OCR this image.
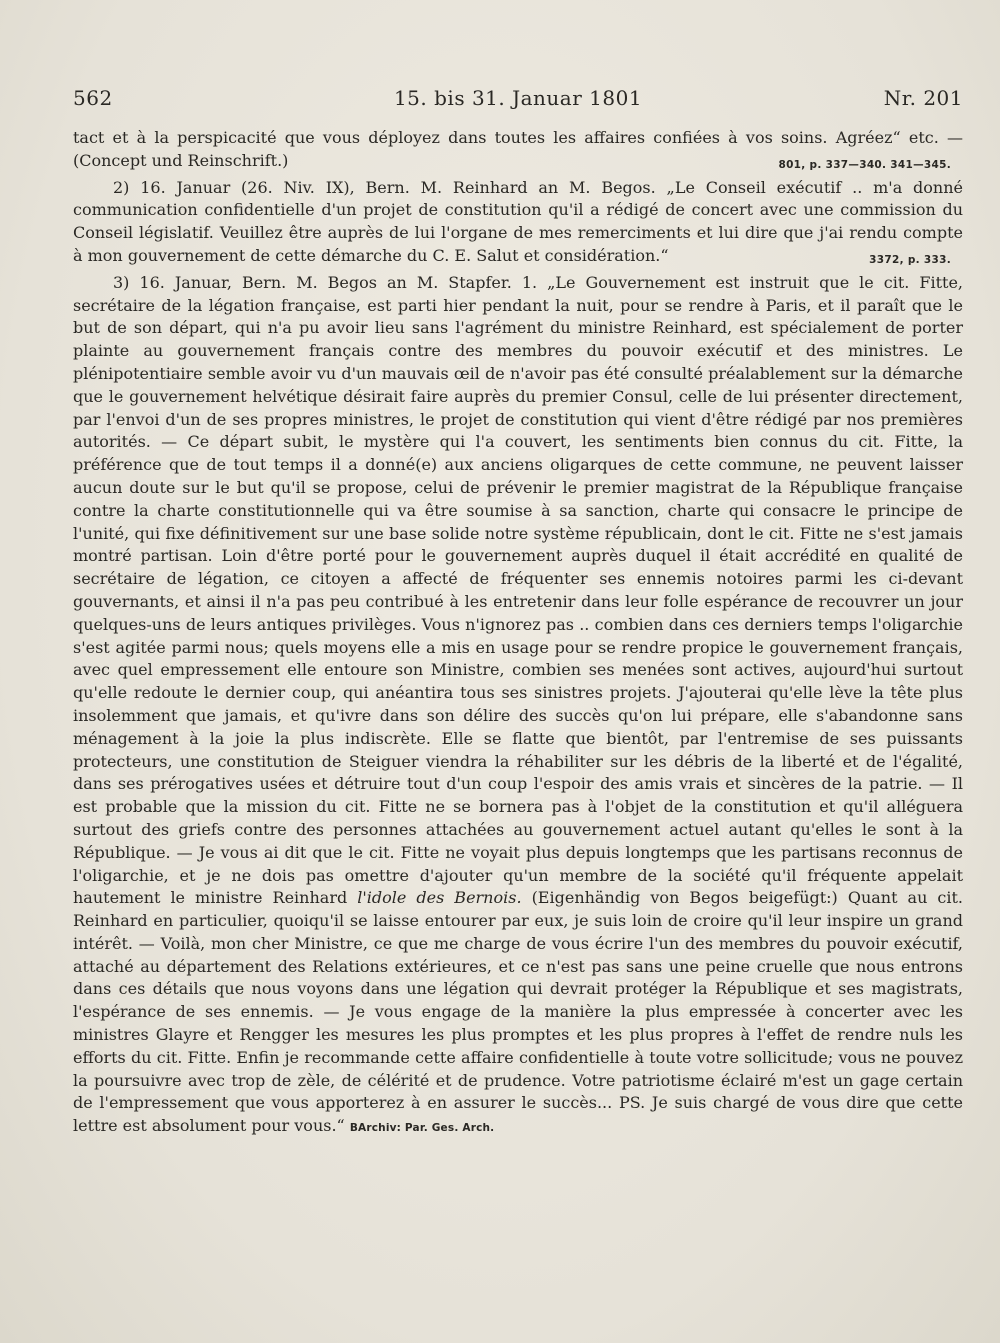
562	15. bis 31. Januar 1801	Nr. 201

tact et à la perspicacité que vous déployez dans toutes les affaires confiées à vos soins. Agréez“ etc. — (Concept und Reinschrift.)	801, p. 337—340. 341—345.

2) 16. Januar (26. Niv. IX), Bern. M. Reinhard an M. Begos. „Le Conseil exécutif .. m'a donné communication confidentielle d'un projet de constitution qu'il a rédigé de concert avec une commission du Conseil législatif. Veuillez être auprès de lui l'organe de mes remerciments et lui dire que j'ai rendu compte à mon gouvernement de cette démarche du C. E. Salut et considération.“	3372, p. 333.

3) 16. Januar, Bern. M. Begos an M. Stapfer. 1. „Le Gouvernement est instruit que le cit. Fitte, secrétaire de la légation française, est parti hier pendant la nuit, pour se rendre à Paris, et il paraît que le but de son départ, qui n'a pu avoir lieu sans l'agrément du ministre Reinhard, est spécialement de porter plainte au gouvernement français contre des membres du pouvoir exécutif et des ministres. Le plénipotentiaire semble avoir vu d'un mauvais œil de n'avoir pas été consulté préalablement sur la démarche que le gouvernement helvétique désirait faire auprès du premier Consul, celle de lui présenter directement, par l'envoi d'un de ses propres ministres, le projet de constitution qui vient d'être rédigé par nos premières autorités. — Ce départ subit, le mystère qui l'a couvert, les sentiments bien connus du cit. Fitte, la préférence que de tout temps il a donné(e) aux anciens oligarques de cette commune, ne peuvent laisser aucun doute sur le but qu'il se propose, celui de prévenir le premier magistrat de la République française contre la charte constitutionnelle qui va être soumise à sa sanction, charte qui consacre le principe de l'unité, qui fixe définitivement sur une base solide notre système républicain, dont le cit. Fitte ne s'est jamais montré partisan. Loin d'être porté pour le gouvernement auprès duquel il était accrédité en qualité de secrétaire de légation, ce citoyen a affecté de fréquenter ses ennemis notoires parmi les ci-devant gouvernants, et ainsi il n'a pas peu contribué à les entretenir dans leur folle espérance de recouvrer un jour quelques-uns de leurs antiques privilèges. Vous n'ignorez pas .. combien dans ces derniers temps l'oligarchie s'est agitée parmi nous; quels moyens elle a mis en usage pour se rendre propice le gouvernement français, avec quel empressement elle entoure son Ministre, combien ses menées sont actives, aujourd'hui surtout qu'elle redoute le dernier coup, qui anéantira tous ses sinistres projets. J'ajouterai qu'elle lève la tête plus insolemment que jamais, et qu'ivre dans son délire des succès qu'on lui prépare, elle s'abandonne sans ménagement à la joie la plus indiscrète. Elle se flatte que bientôt, par l'entremise de ses puissants protecteurs, une constitution de Steiguer viendra la réhabiliter sur les débris de la liberté et de l'égalité, dans ses prérogatives usées et détruire tout d'un coup l'espoir des amis vrais et sincères de la patrie. — Il est probable que la mission du cit. Fitte ne se bornera pas à l'objet de la constitution et qu'il alléguera surtout des griefs contre des personnes attachées au gouvernement actuel autant qu'elles le sont à la République. — Je vous ai dit que le cit. Fitte ne voyait plus depuis longtemps que les partisans reconnus de l'oligarchie, et je ne dois pas omettre d'ajouter qu'un membre de la société qu'il fréquente appelait hautement le ministre Reinhard l'idole des Bernois. (Eigenhändig von Begos beigefügt:) Quant au cit. Reinhard en particulier, quoiqu'il se laisse entourer par eux, je suis loin de croire qu'il leur inspire un grand intérêt. — Voilà, mon cher Ministre, ce que me charge de vous écrire l'un des membres du pouvoir exécutif, attaché au département des Relations extérieures, et ce n'est pas sans une peine cruelle que nous entrons dans ces détails que nous voyons dans une légation qui devrait protéger la République et ses magistrats, l'espérance de ses ennemis. — Je vous engage de la manière la plus empressée à concerter avec les ministres Glayre et Rengger les mesures les plus promptes et les plus propres à l'effet de rendre nuls les efforts du cit. Fitte. Enfin je recommande cette affaire confidentielle à toute votre sollicitude; vous ne pouvez la poursuivre avec trop de zèle, de célérité et de prudence. Votre patriotisme éclairé m'est un gage certain de l'empressement que vous apporterez à en assurer le succès... PS. Je suis chargé de vous dire que cette lettre est absolument pour vous.“ BArchiv: Par. Ges. Arch.
